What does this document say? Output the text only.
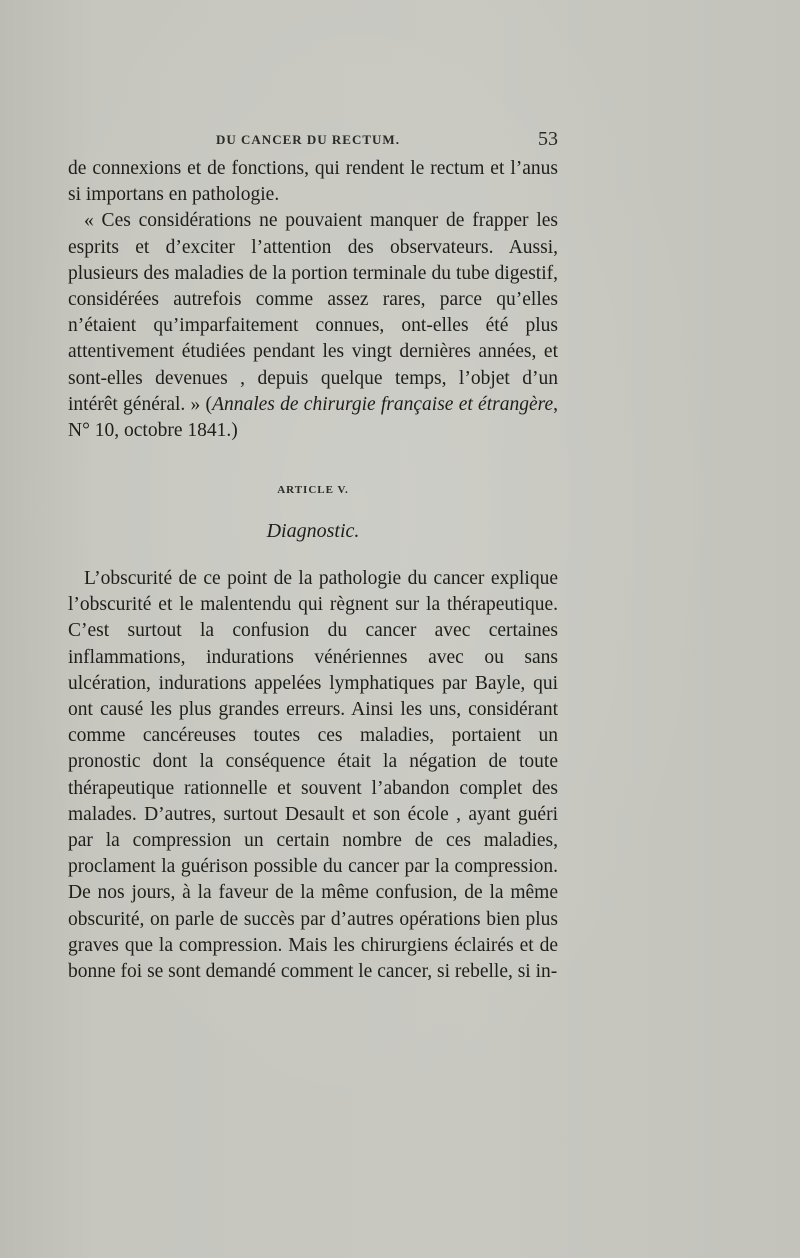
DU CANCER DU RECTUM.	53

de connexions et de fonctions, qui rendent le rectum et l’anus si importans en pathologie.

« Ces considérations ne pouvaient manquer de frapper les esprits et d’exciter l’attention des observateurs. Aussi, plusieurs des maladies de la portion terminale du tube digestif, considérées autrefois comme assez rares, parce qu’elles n’étaient qu’imparfaitement connues, ont-elles été plus attentivement étudiées pendant les vingt dernières années, et sont-elles devenues , depuis quelque temps, l’objet d’un intérêt général. » (Annales de chirurgie française et étrangère, N° 10, octobre 1841.)

ARTICLE V.
Diagnostic.

L’obscurité de ce point de la pathologie du cancer explique l’obscurité et le malentendu qui règnent sur la thérapeutique. C’est surtout la confusion du cancer avec certaines inflammations, indurations vénériennes avec ou sans ulcération, indurations appelées lymphatiques par Bayle, qui ont causé les plus grandes erreurs. Ainsi les uns, considérant comme cancéreuses toutes ces maladies, portaient un pronostic dont la conséquence était la négation de toute thérapeutique rationnelle et souvent l’abandon complet des malades. D’autres, surtout Desault et son école , ayant guéri par la compression un certain nombre de ces maladies, proclament la guérison possible du cancer par la compression. De nos jours, à la faveur de la même confusion, de la même obscurité, on parle de succès par d’autres opérations bien plus graves que la compression. Mais les chirurgiens éclairés et de bonne foi se sont demandé comment le cancer, si rebelle, si in-
